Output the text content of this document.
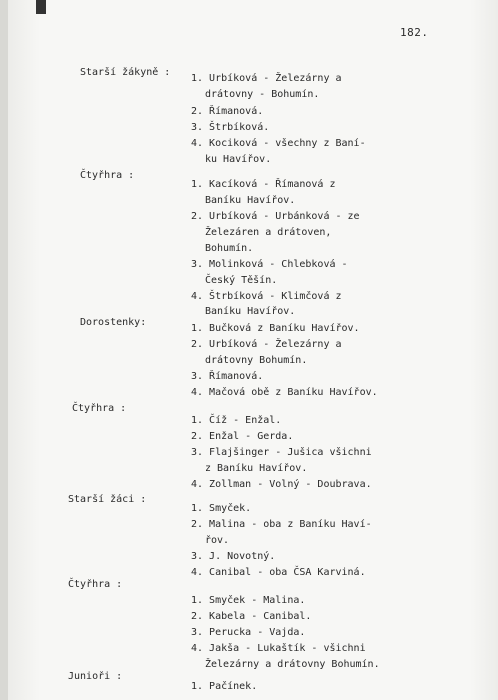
182.
Starší žákyně :
Čtyřhra :
Dorostenky:
Čtyřhra :
Starší žáci :
Čtyřhra :
Junioři :
1. Urbíková - Železárny a
drátovny - Bohumín.
2. Římanová.
3. Štrbíková.
4. Kociková - všechny z Baní-
ku Havířov.
1. Kacíková - Římanová z
Baníku Havířov.
2. Urbíková - Urbánková - ze
Železáren a drátoven,
Bohumín.
3. Molinková - Chlebková -
Český Těšín.
4. Štrbíková - Klimčová z
Baníku Havířov.
1. Bučková z Baníku Havířov.
2. Urbíková - Železárny a
drátovny Bohumín.
3. Římanová.
4. Mačová obě z Baníku Havířov.
1. Číž - Enžal.
2. Enžal - Gerda.
3. Flajšinger - Jušica všichni
z Baníku Havířov.
4. Zollman - Volný - Doubrava.
1. Smyček.
2. Malina - oba z Baníku Haví-
řov.
3. J. Novotný.
4. Canibal - oba ČSA Karviná.
1. Smyček - Malina.
2. Kabela - Canibal.
3. Perucka - Vajda.
4. Jakša - Lukaštík - všichni
Železárny a drátovny Bohumín.
1. Pačínek.
